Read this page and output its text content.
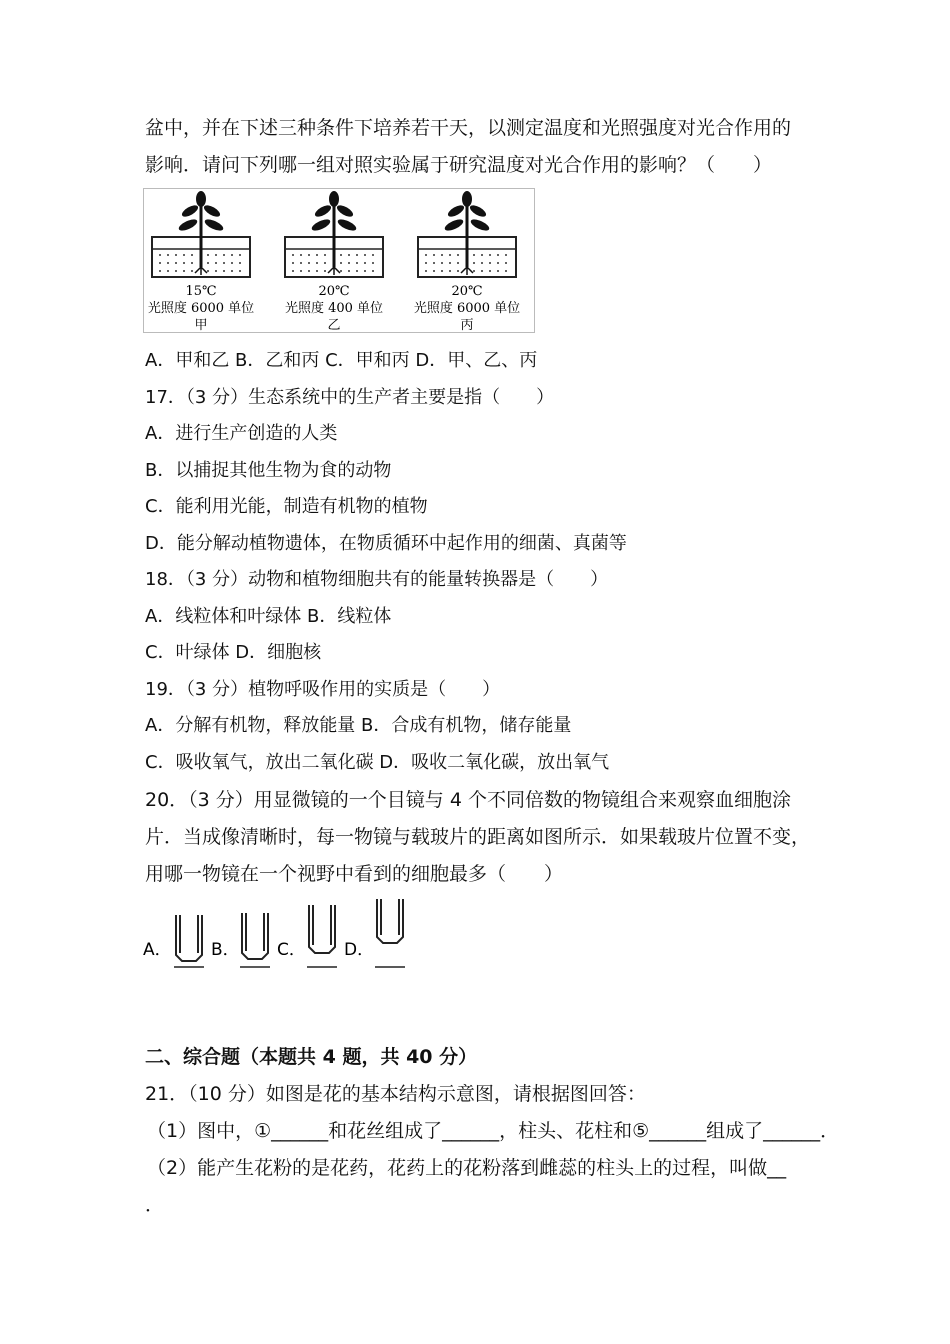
盆中，并在下述三种条件下培养若干天，以测定温度和光照强度对光合作用的
影响．请问下列哪一组对照实验属于研究温度对光合作用的影响？（　　）
15℃
光照度 6000 单位
甲
20℃
光照度 400 单位
乙
20℃
光照度 6000 单位
丙
A．甲和乙 B．乙和丙 C．甲和丙 D．甲、乙、丙
17．（3 分）生态系统中的生产者主要是指（　　）
A．进行生产创造的人类
B．以捕捉其他生物为食的动物
C．能利用光能，制造有机物的植物
D．能分解动植物遗体，在物质循环中起作用的细菌、真菌等
18．（3 分）动物和植物细胞共有的能量转换器是（　　）
A．线粒体和叶绿体 B．线粒体
C．叶绿体 D．细胞核
19．（3 分）植物呼吸作用的实质是（　　）
A．分解有机物，释放能量 B．合成有机物，储存能量
C．吸收氧气，放出二氧化碳 D．吸收二氧化碳，放出氧气
20．（3 分）用显微镜的一个目镜与 4 个不同倍数的物镜组合来观察血细胞涂
片．当成像清晰时，每一物镜与载玻片的距离如图所示．如果载玻片位置不变，
用哪一物镜在一个视野中看到的细胞最多（　　）
A． B． C． D．
二、综合题（本题共 4 题，共 40 分）
21．（10 分）如图是花的基本结构示意图，请根据图回答：
（1）图中，①______和花丝组成了______，柱头、花柱和⑤______组成了______．
（2）能产生花粉的是花药，花药上的花粉落到雌蕊的柱头上的过程，叫做__
．
